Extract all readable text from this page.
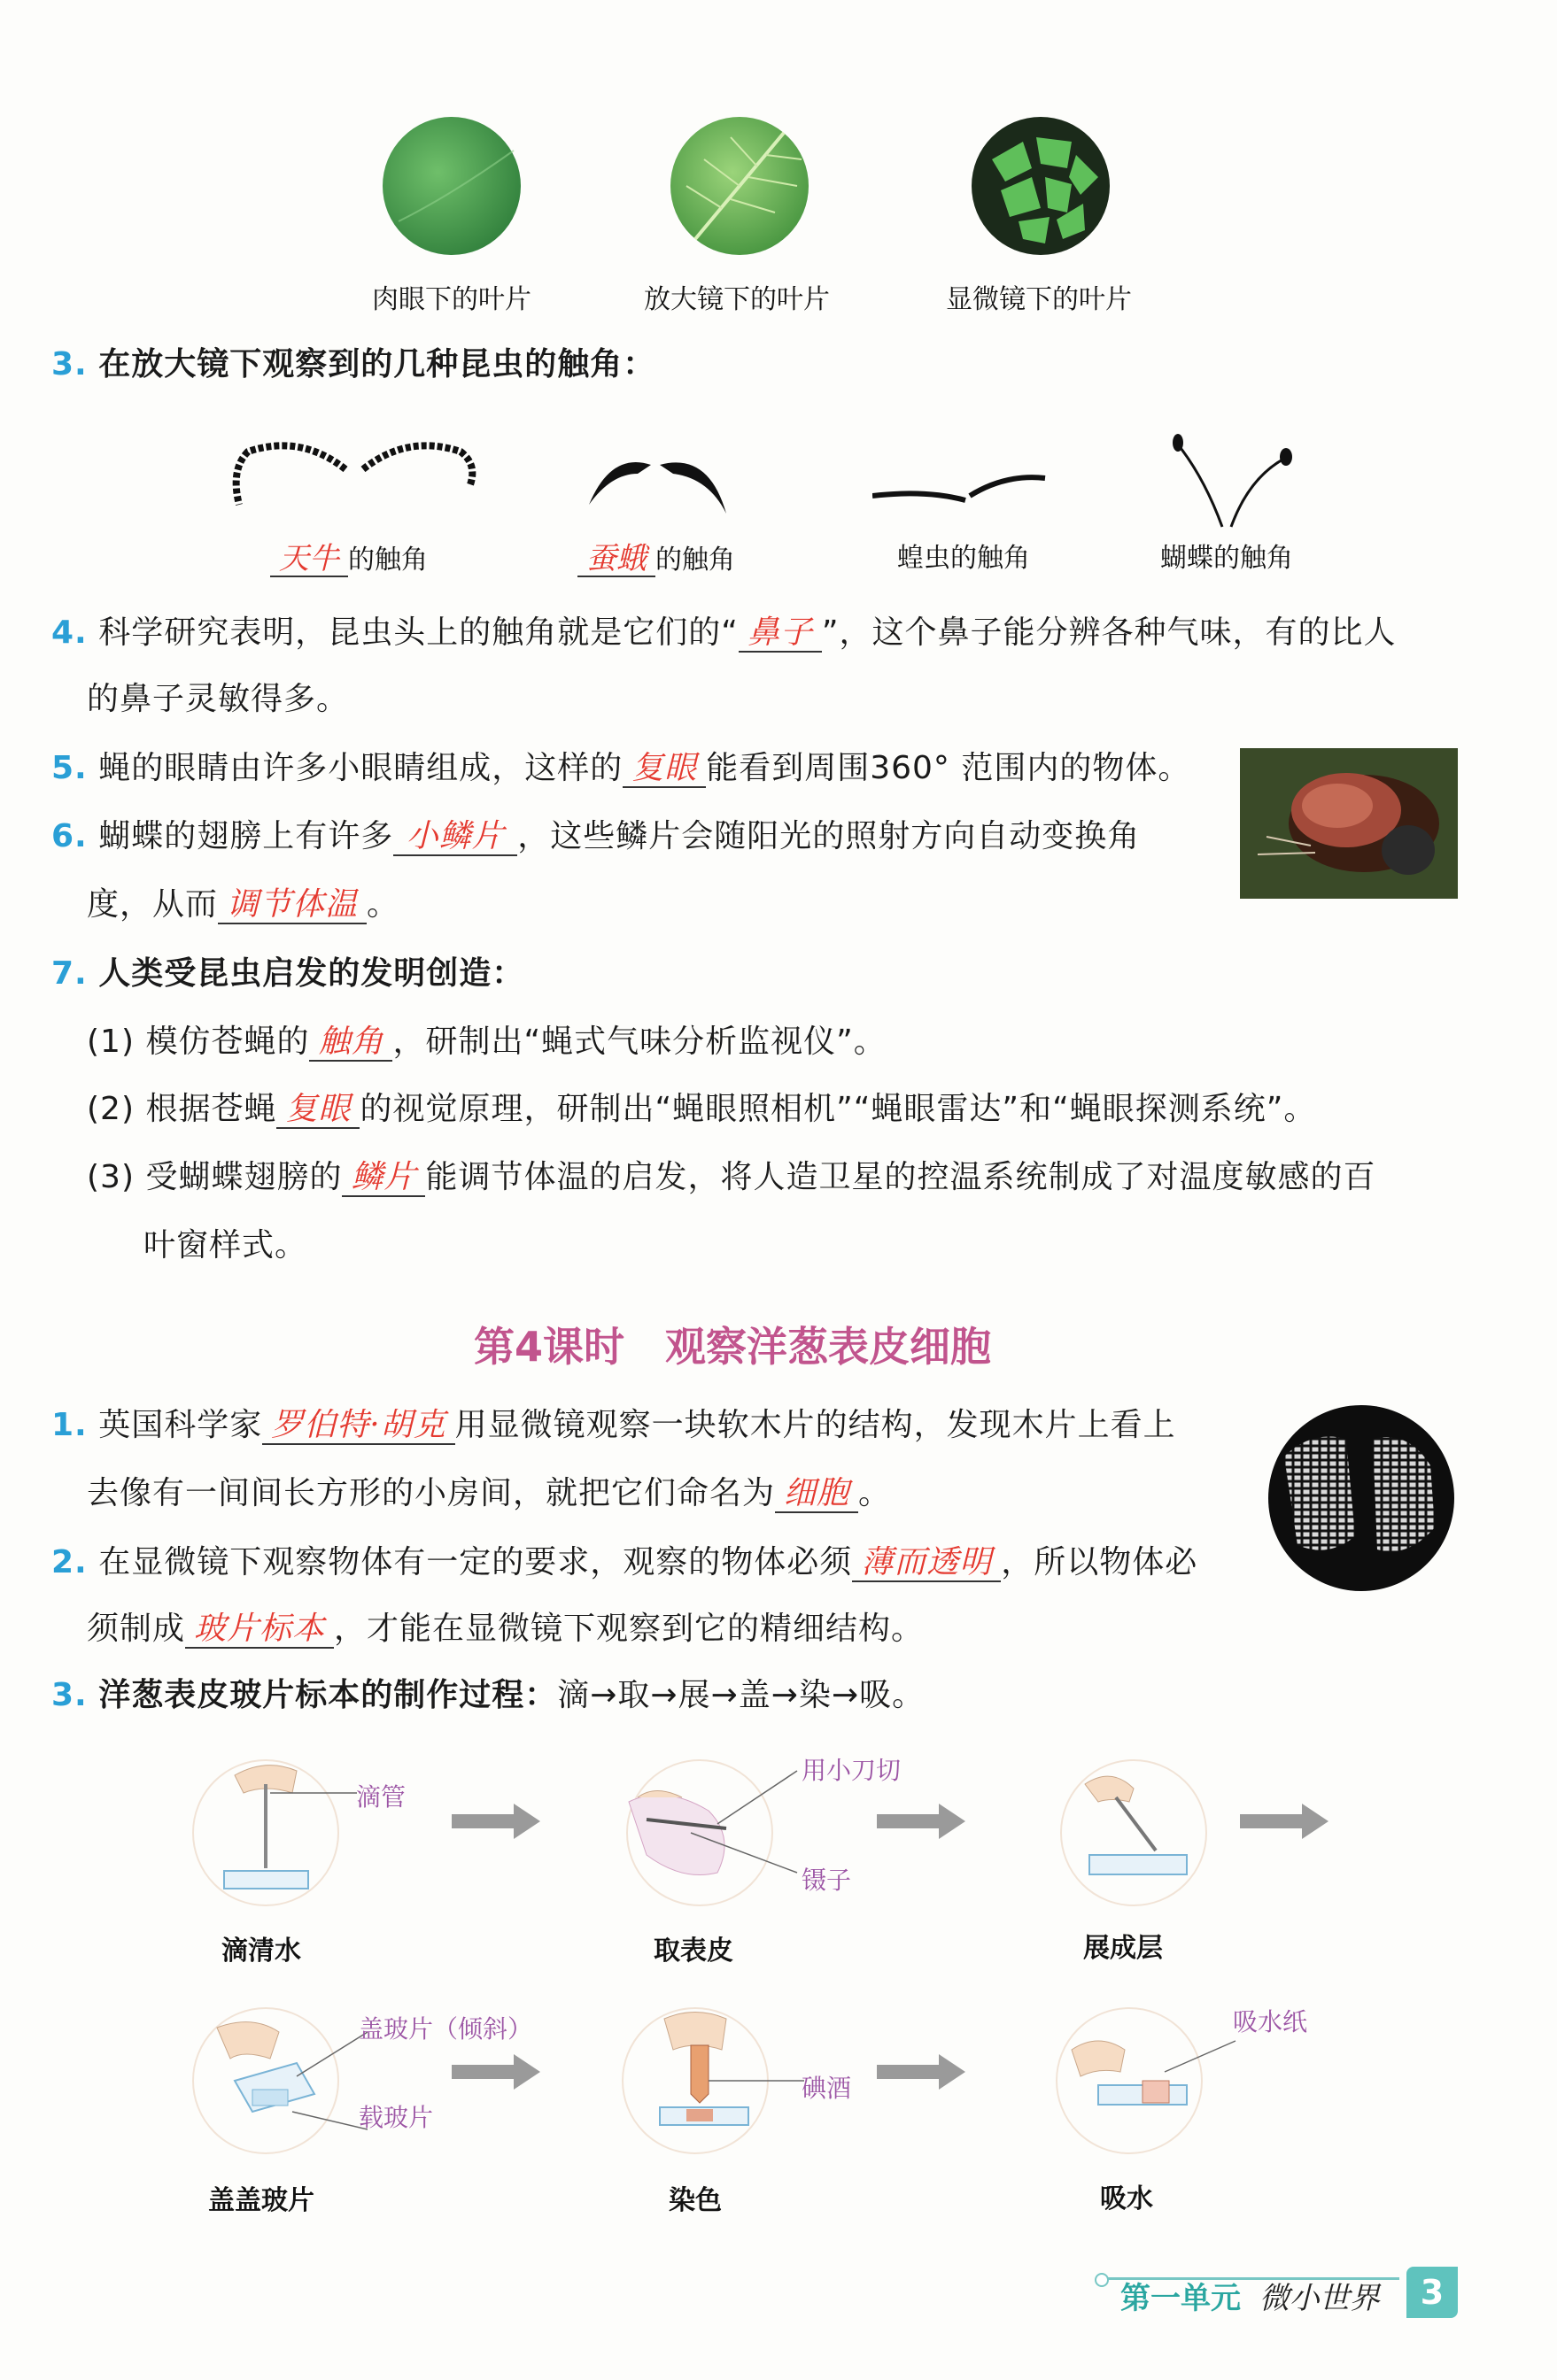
肉眼下的叶片	放大镜下的叶片	显微镜下的叶片
3. 在放大镜下观察到的几种昆虫的触角：
天牛 的触角	蚕蛾 的触角	蝗虫的触角	蝴蝶的触角
4. 科学研究表明，昆虫头上的触角就是它们的“ 鼻子 ”，这个鼻子能分辨各种气味，有的比人
的鼻子灵敏得多。
5. 蝇的眼睛由许多小眼睛组成，这样的 复眼 能看到周围360° 范围内的物体。
6. 蝴蝶的翅膀上有许多 小鳞片 ，这些鳞片会随阳光的照射方向自动变换角
度，从而 调节体温 。
7. 人类受昆虫启发的发明创造：
(1) 模仿苍蝇的 触角 ，研制出“蝇式气味分析监视仪”。
(2) 根据苍蝇 复眼 的视觉原理，研制出“蝇眼照相机”“蝇眼雷达”和“蝇眼探测系统”。
(3) 受蝴蝶翅膀的 鳞片 能调节体温的启发，将人造卫星的控温系统制成了对温度敏感的百
叶窗样式。
第4课时　观察洋葱表皮细胞
1. 英国科学家 罗伯特·胡克 用显微镜观察一块软木片的结构，发现木片上看上
去像有一间间长方形的小房间，就把它们命名为 细胞 。
2. 在显微镜下观察物体有一定的要求，观察的物体必须 薄而透明 ，所以物体必
须制成 玻片标本 ，才能在显微镜下观察到它的精细结构。
3. 洋葱表皮玻片标本的制作过程：滴→取→展→盖→染→吸。
滴管
用小刀切
镊子
滴清水	取表皮	展成层
盖玻片（倾斜）
载玻片
碘酒
吸水纸
盖盖玻片	染色	吸水
第一单元 微小世界 3
